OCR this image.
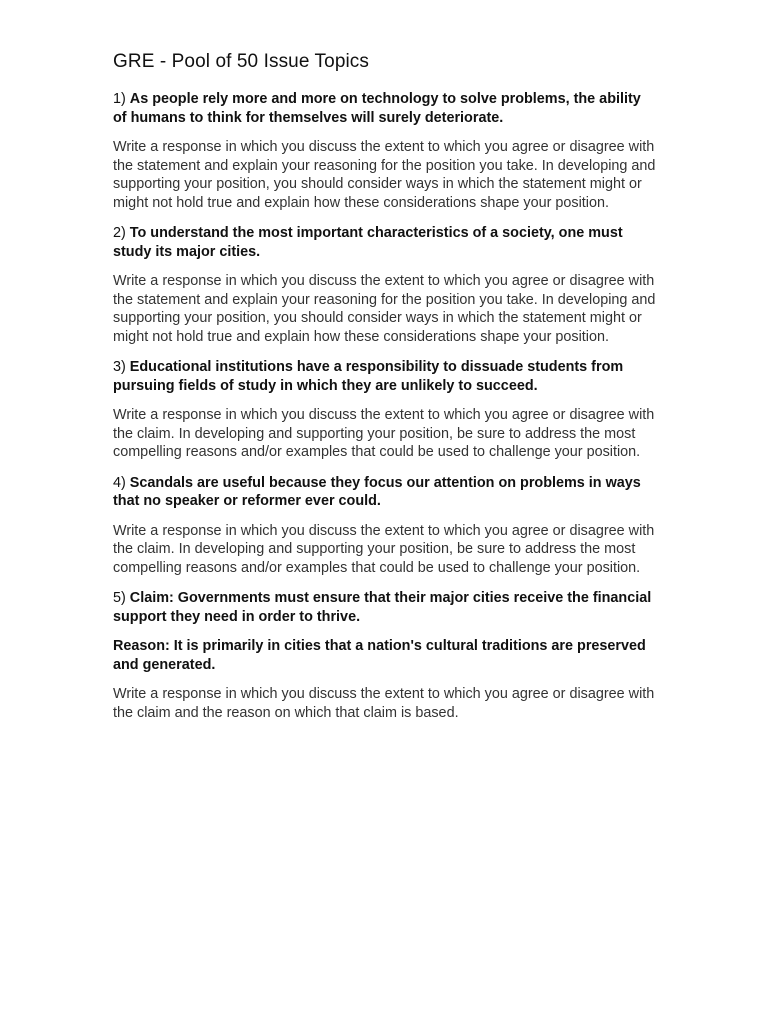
GRE - Pool of 50 Issue Topics

1) As people rely more and more on technology to solve problems, the ability of humans to think for themselves will surely deteriorate.

Write a response in which you discuss the extent to which you agree or disagree with the statement and explain your reasoning for the position you take. In developing and supporting your position, you should consider ways in which the statement might or might not hold true and explain how these considerations shape your position.

2) To understand the most important characteristics of a society, one must study its major cities.

Write a response in which you discuss the extent to which you agree or disagree with the statement and explain your reasoning for the position you take. In developing and supporting your position, you should consider ways in which the statement might or might not hold true and explain how these considerations shape your position.

3) Educational institutions have a responsibility to dissuade students from pursuing fields of study in which they are unlikely to succeed.

Write a response in which you discuss the extent to which you agree or disagree with the claim. In developing and supporting your position, be sure to address the most compelling reasons and/or examples that could be used to challenge your position.

4) Scandals are useful because they focus our attention on problems in ways that no speaker or reformer ever could.

Write a response in which you discuss the extent to which you agree or disagree with the claim. In developing and supporting your position, be sure to address the most compelling reasons and/or examples that could be used to challenge your position.

5) Claim: Governments must ensure that their major cities receive the financial support they need in order to thrive.

Reason: It is primarily in cities that a nation's cultural traditions are preserved and generated.

Write a response in which you discuss the extent to which you agree or disagree with the claim and the reason on which that claim is based.
